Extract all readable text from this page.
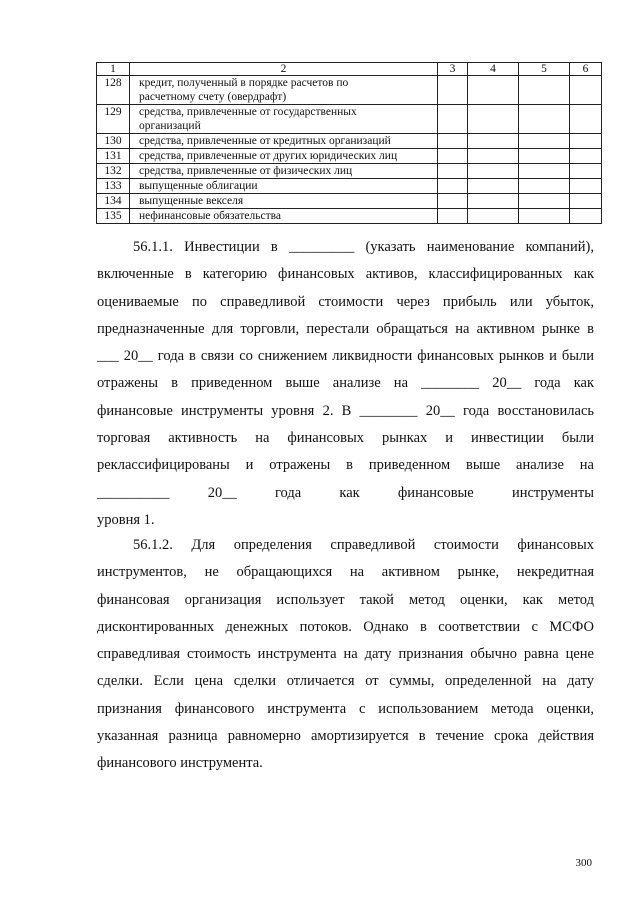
1	2	3	4	5	6
128	кредит, полученный в порядке расчетов по
расчетному счету (овердрафт)				
129	средства, привлеченные от государственных
организаций				
130	средства, привлеченные от кредитных организаций				
131	средства, привлеченные от других юридических лиц				
132	средства, привлеченные от физических лиц				
133	выпущенные облигации				
134	выпущенные векселя				
135	нефинансовые обязательства				
56.1.1. Инвестиции в _________ (указать наименование компаний),
включенные в категорию финансовых активов, классифицированных как
оцениваемые по справедливой стоимости через прибыль или убыток,
предназначенные для торговли, перестали обращаться на активном рынке в
___ 20__ года в связи со снижением ликвидности финансовых рынков и были
отражены в приведенном выше анализе на ________ 20__ года как
финансовые инструменты уровня 2. В ________ 20__ года восстановилась
торговая активность на финансовых рынках и инвестиции были
реклассифицированы и отражены в приведенном выше анализе на
__________ 20__ года как финансовые инструменты
уровня 1.
56.1.2. Для определения справедливой стоимости финансовых
инструментов, не обращающихся на активном рынке, некредитная
финансовая организация использует такой метод оценки, как метод
дисконтированных денежных потоков. Однако в соответствии с МСФО
справедливая стоимость инструмента на дату признания обычно равна цене
сделки. Если цена сделки отличается от суммы, определенной на дату
признания финансового инструмента с использованием метода оценки,
указанная разница равномерно амортизируется в течение срока действия
финансового инструмента.
300
